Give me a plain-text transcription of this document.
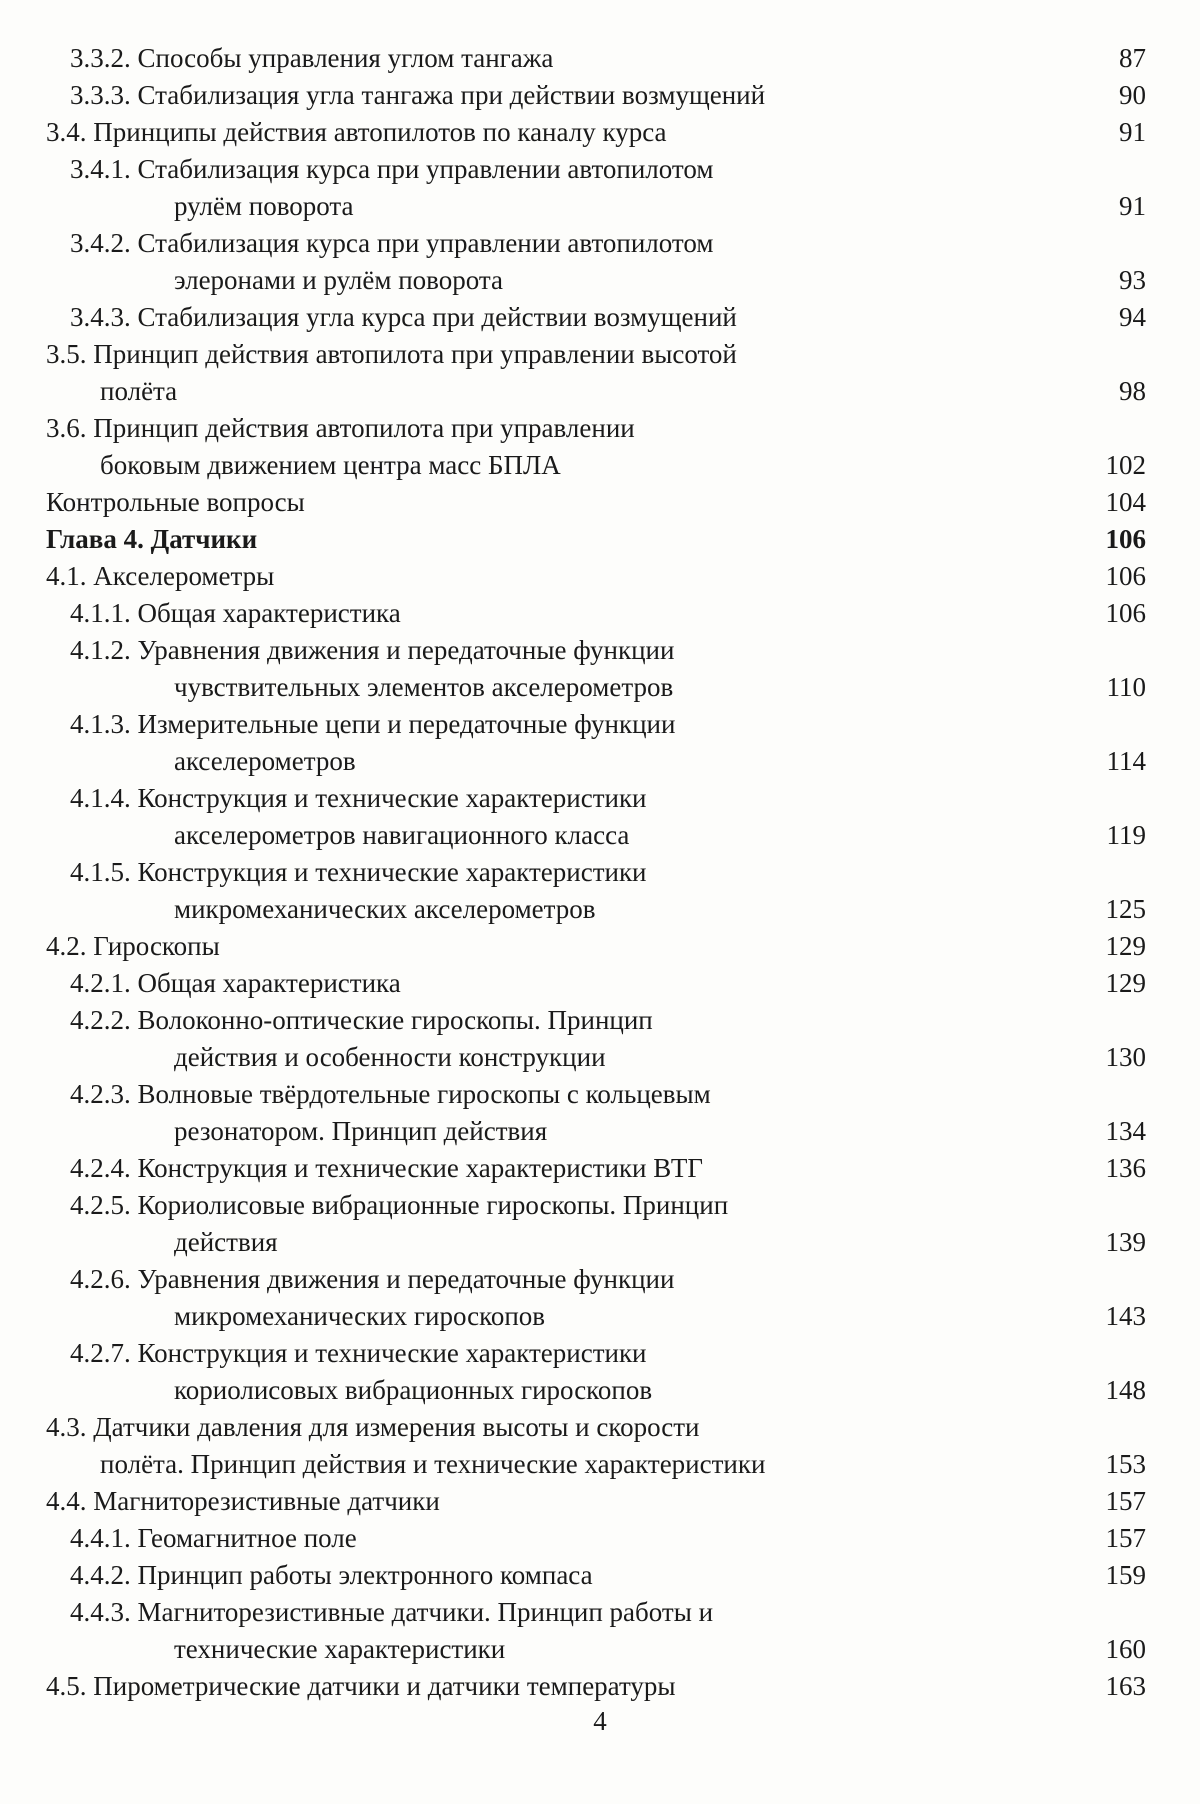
3.3.2. Способы управления углом тангажа	87
3.3.3. Стабилизация угла тангажа при действии возмущений	90
3.4. Принципы действия автопилотов по каналу курса	91
3.4.1. Стабилизация курса при управлении автопилотом
рулём поворота	91
3.4.2. Стабилизация курса при управлении автопилотом
элеронами и рулём поворота	93
3.4.3. Стабилизация угла курса при действии возмущений	94
3.5. Принцип действия автопилота при управлении высотой
полёта	98
3.6. Принцип действия автопилота при управлении
боковым движением центра масс БПЛА	102
Контрольные вопросы	104
Глава 4. Датчики	106
4.1. Акселерометры	106
4.1.1. Общая характеристика	106
4.1.2. Уравнения движения и передаточные функции
чувствительных элементов акселерометров	110
4.1.3. Измерительные цепи и передаточные функции
акселерометров	114
4.1.4. Конструкция и технические характеристики
акселерометров навигационного класса	119
4.1.5. Конструкция и технические характеристики
микромеханических акселерометров	125
4.2. Гироскопы	129
4.2.1. Общая характеристика	129
4.2.2. Волоконно-оптические гироскопы. Принцип
действия и особенности конструкции	130
4.2.3. Волновые твёрдотельные гироскопы с кольцевым
резонатором. Принцип действия	134
4.2.4. Конструкция и технические характеристики ВТГ	136
4.2.5. Кориолисовые вибрационные гироскопы. Принцип
действия	139
4.2.6. Уравнения движения и передаточные функции
микромеханических гироскопов	143
4.2.7. Конструкция и технические характеристики
кориолисовых вибрационных гироскопов	148
4.3. Датчики давления для измерения высоты и скорости
полёта. Принцип действия и технические характеристики	153
4.4. Магниторезистивные датчики	157
4.4.1. Геомагнитное поле	157
4.4.2. Принцип работы электронного компаса	159
4.4.3. Магниторезистивные датчики. Принцип работы и
технические характеристики	160
4.5. Пирометрические датчики и датчики температуры	163
4
